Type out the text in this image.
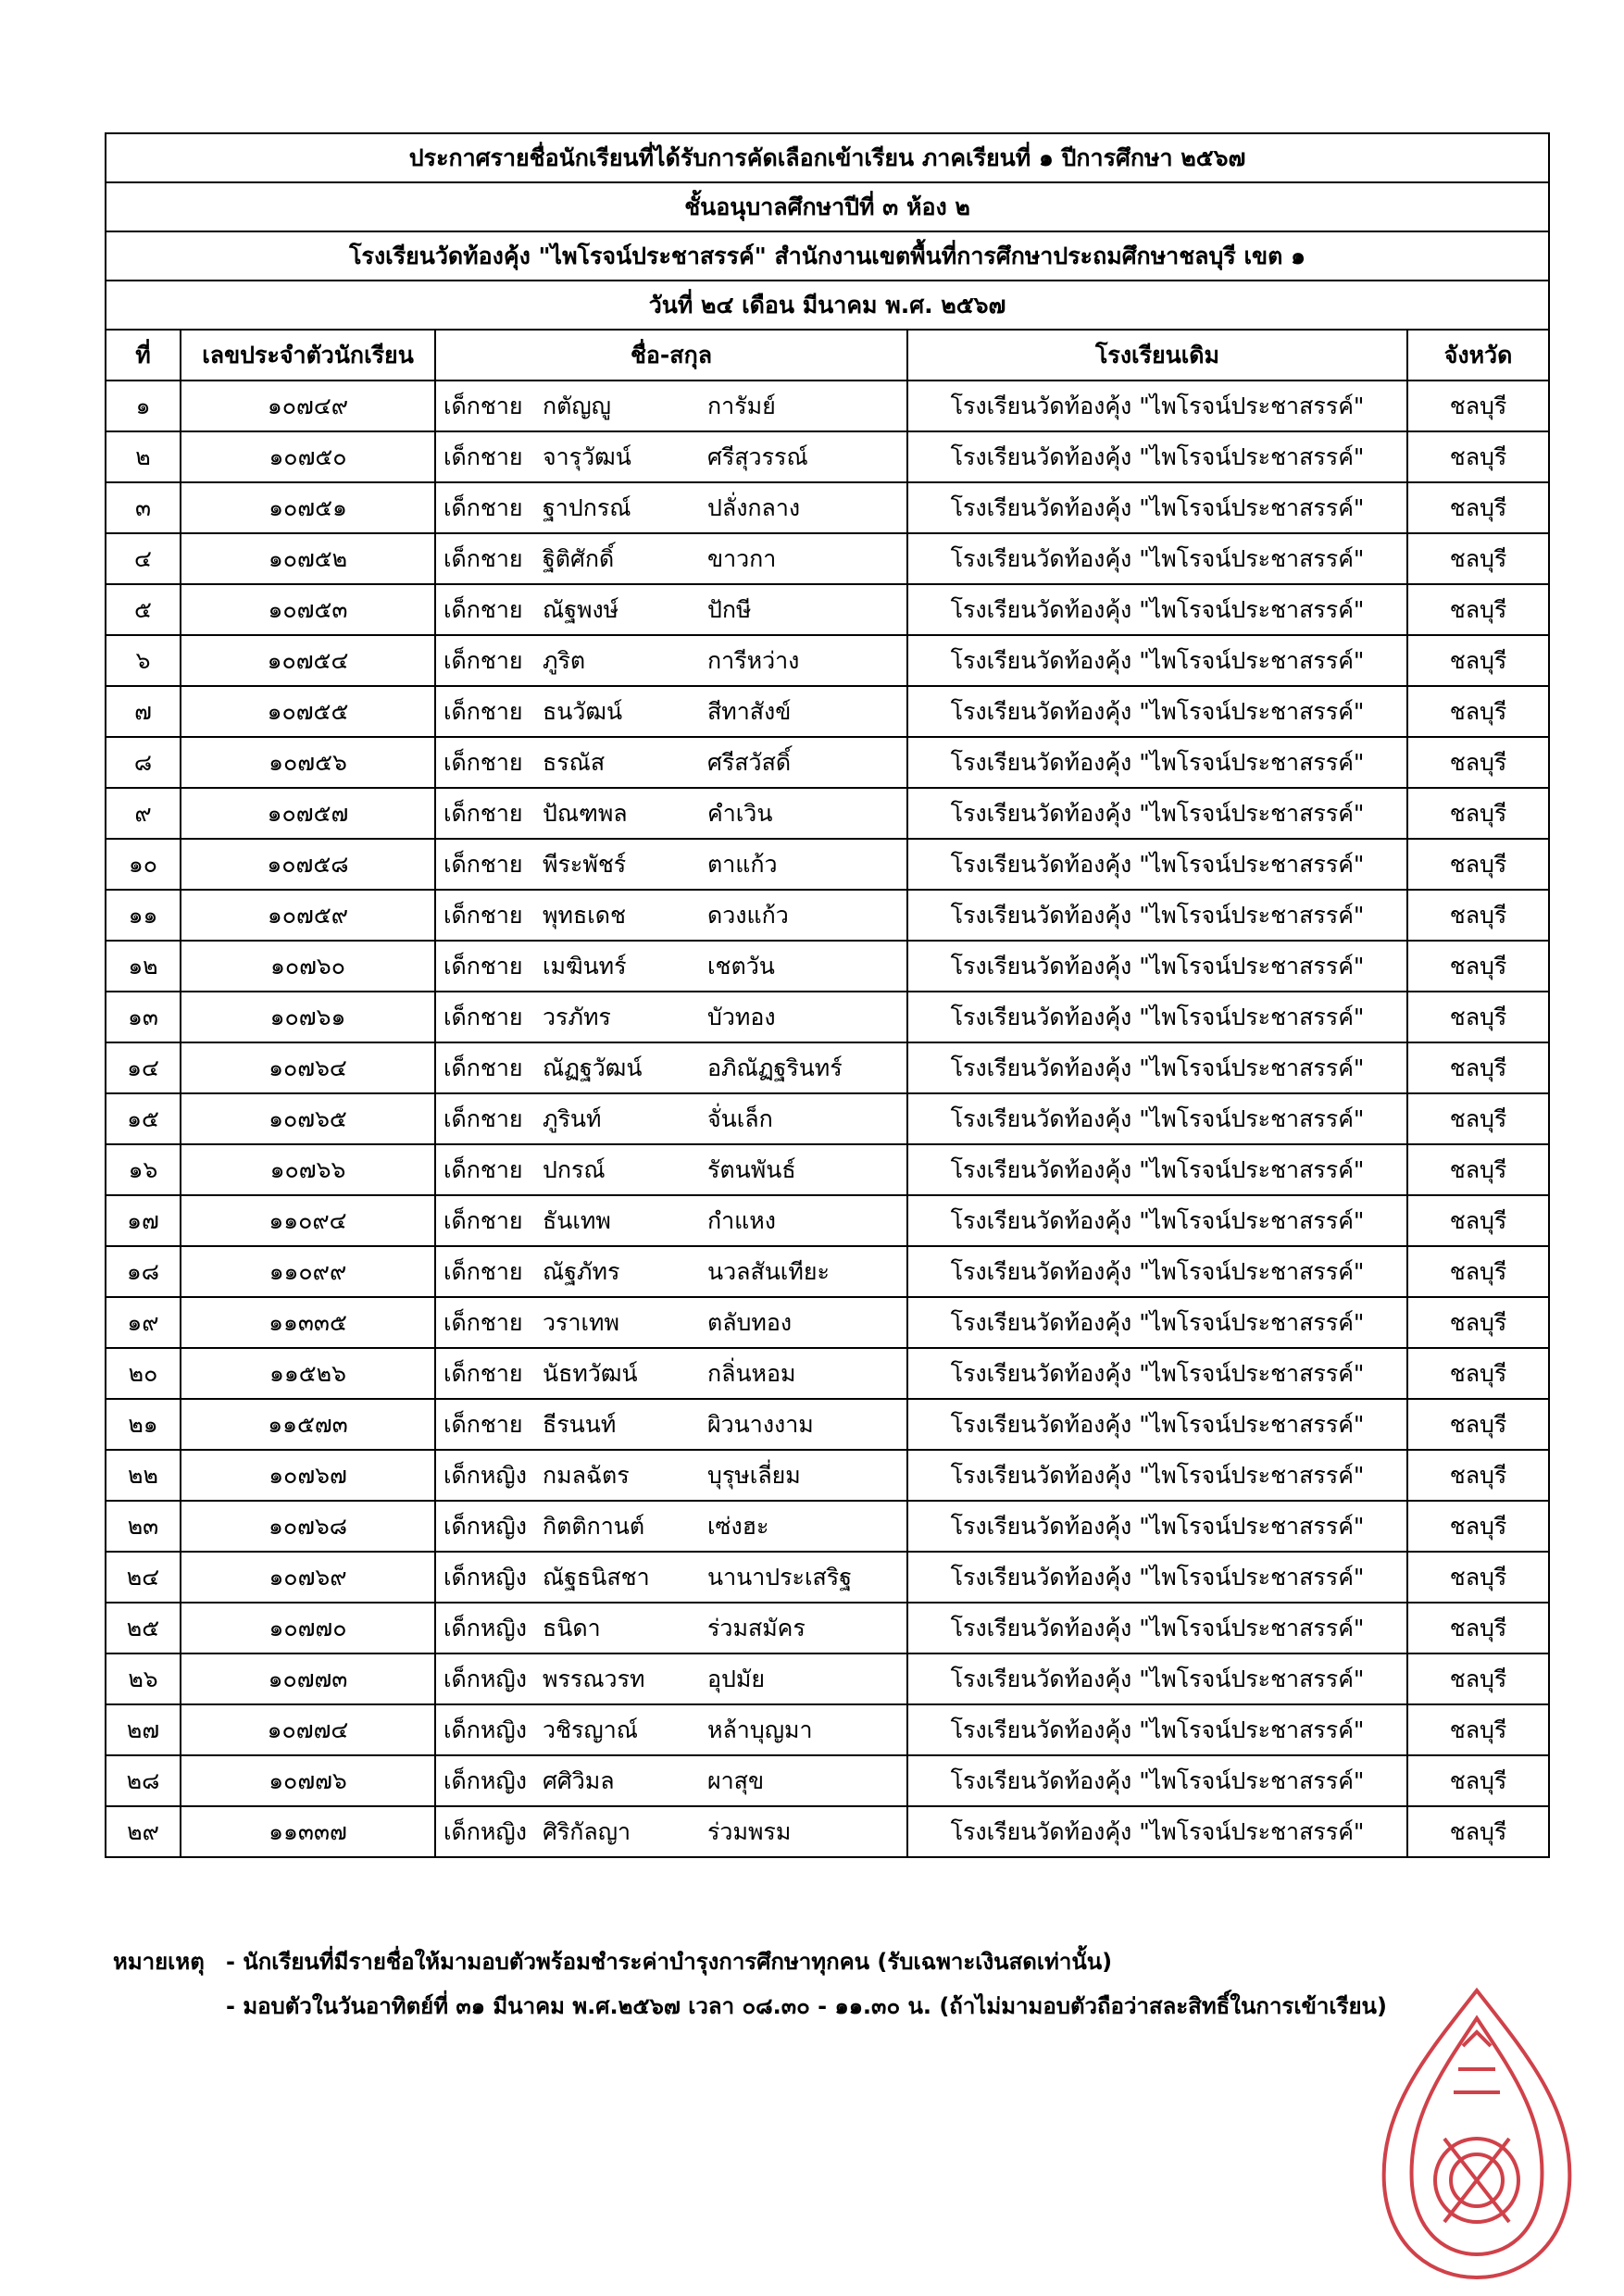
ประกาศรายชื่อนักเรียนที่ได้รับการคัดเลือกเข้าเรียน ภาคเรียนที่ ๑ ปีการศึกษา ๒๕๖๗				
ชั้นอนุบาลศึกษาปีที่ ๓ ห้อง ๒				
โรงเรียนวัดท้องคุ้ง "ไพโรจน์ประชาสรรค์" สำนักงานเขตพื้นที่การศึกษาประถมศึกษาชลบุรี เขต ๑				
วันที่ ๒๔ เดือน มีนาคม พ.ศ. ๒๕๖๗				
ที่	เลขประจำตัวนักเรียน	ชื่อ-สกุล	โรงเรียนเดิม	จังหวัด
๑	๑๐๗๔๙	เด็กชาย กตัญญู การัมย์	โรงเรียนวัดท้องคุ้ง "ไพโรจน์ประชาสรรค์"	ชลบุรี
๒	๑๐๗๕๐	เด็กชาย จารุวัฒน์ ศรีสุวรรณ์	โรงเรียนวัดท้องคุ้ง "ไพโรจน์ประชาสรรค์"	ชลบุรี
๓	๑๐๗๕๑	เด็กชาย ฐาปกรณ์ ปลั่งกลาง	โรงเรียนวัดท้องคุ้ง "ไพโรจน์ประชาสรรค์"	ชลบุรี
๔	๑๐๗๕๒	เด็กชาย ฐิติศักดิ์ ขาวกา	โรงเรียนวัดท้องคุ้ง "ไพโรจน์ประชาสรรค์"	ชลบุรี
๕	๑๐๗๕๓	เด็กชาย ณัฐพงษ์ ปักษี	โรงเรียนวัดท้องคุ้ง "ไพโรจน์ประชาสรรค์"	ชลบุรี
๖	๑๐๗๕๔	เด็กชาย ภูริต การีหว่าง	โรงเรียนวัดท้องคุ้ง "ไพโรจน์ประชาสรรค์"	ชลบุรี
๗	๑๐๗๕๕	เด็กชาย ธนวัฒน์ สีทาสังข์	โรงเรียนวัดท้องคุ้ง "ไพโรจน์ประชาสรรค์"	ชลบุรี
๘	๑๐๗๕๖	เด็กชาย ธรณัส ศรีสวัสดิ์	โรงเรียนวัดท้องคุ้ง "ไพโรจน์ประชาสรรค์"	ชลบุรี
๙	๑๐๗๕๗	เด็กชาย ปัณฑพล คำเวิน	โรงเรียนวัดท้องคุ้ง "ไพโรจน์ประชาสรรค์"	ชลบุรี
๑๐	๑๐๗๕๘	เด็กชาย พีระพัชร์ ตาแก้ว	โรงเรียนวัดท้องคุ้ง "ไพโรจน์ประชาสรรค์"	ชลบุรี
๑๑	๑๐๗๕๙	เด็กชาย พุทธเดช ดวงแก้ว	โรงเรียนวัดท้องคุ้ง "ไพโรจน์ประชาสรรค์"	ชลบุรี
๑๒	๑๐๗๖๐	เด็กชาย เมฆินทร์ เชตวัน	โรงเรียนวัดท้องคุ้ง "ไพโรจน์ประชาสรรค์"	ชลบุรี
๑๓	๑๐๗๖๑	เด็กชาย วรภัทร บัวทอง	โรงเรียนวัดท้องคุ้ง "ไพโรจน์ประชาสรรค์"	ชลบุรี
๑๔	๑๐๗๖๔	เด็กชาย ณัฏฐวัฒน์ อภิณัฏฐรินทร์	โรงเรียนวัดท้องคุ้ง "ไพโรจน์ประชาสรรค์"	ชลบุรี
๑๕	๑๐๗๖๕	เด็กชาย ภูรินท์ จั่นเล็ก	โรงเรียนวัดท้องคุ้ง "ไพโรจน์ประชาสรรค์"	ชลบุรี
๑๖	๑๐๗๖๖	เด็กชาย ปกรณ์ รัตนพันธ์	โรงเรียนวัดท้องคุ้ง "ไพโรจน์ประชาสรรค์"	ชลบุรี
๑๗	๑๑๐๙๔	เด็กชาย ธันเทพ กำแหง	โรงเรียนวัดท้องคุ้ง "ไพโรจน์ประชาสรรค์"	ชลบุรี
๑๘	๑๑๐๙๙	เด็กชาย ณัฐภัทร นวลสันเทียะ	โรงเรียนวัดท้องคุ้ง "ไพโรจน์ประชาสรรค์"	ชลบุรี
๑๙	๑๑๓๓๕	เด็กชาย วราเทพ ตลับทอง	โรงเรียนวัดท้องคุ้ง "ไพโรจน์ประชาสรรค์"	ชลบุรี
๒๐	๑๑๕๒๖	เด็กชาย นัธทวัฒน์ กลิ่นหอม	โรงเรียนวัดท้องคุ้ง "ไพโรจน์ประชาสรรค์"	ชลบุรี
๒๑	๑๑๕๗๓	เด็กชาย ธีรนนท์ ผิวนางงาม	โรงเรียนวัดท้องคุ้ง "ไพโรจน์ประชาสรรค์"	ชลบุรี
๒๒	๑๐๗๖๗	เด็กหญิง กมลฉัตร บุรุษเลี่ยม	โรงเรียนวัดท้องคุ้ง "ไพโรจน์ประชาสรรค์"	ชลบุรี
๒๓	๑๐๗๖๘	เด็กหญิง กิตติกานต์ เซ่งฮะ	โรงเรียนวัดท้องคุ้ง "ไพโรจน์ประชาสรรค์"	ชลบุรี
๒๔	๑๐๗๖๙	เด็กหญิง ณัฐธนิสชา นานาประเสริฐ	โรงเรียนวัดท้องคุ้ง "ไพโรจน์ประชาสรรค์"	ชลบุรี
๒๕	๑๐๗๗๐	เด็กหญิง ธนิดา ร่วมสมัคร	โรงเรียนวัดท้องคุ้ง "ไพโรจน์ประชาสรรค์"	ชลบุรี
๒๖	๑๐๗๗๓	เด็กหญิง พรรณวรท อุปมัย	โรงเรียนวัดท้องคุ้ง "ไพโรจน์ประชาสรรค์"	ชลบุรี
๒๗	๑๐๗๗๔	เด็กหญิง วชิรญาณ์ หล้าบุญมา	โรงเรียนวัดท้องคุ้ง "ไพโรจน์ประชาสรรค์"	ชลบุรี
๒๘	๑๐๗๗๖	เด็กหญิง ศศิวิมล ผาสุข	โรงเรียนวัดท้องคุ้ง "ไพโรจน์ประชาสรรค์"	ชลบุรี
๒๙	๑๑๓๓๗	เด็กหญิง ศิริกัลญา ร่วมพรม	โรงเรียนวัดท้องคุ้ง "ไพโรจน์ประชาสรรค์"	ชลบุรี
หมายเหตุ - นักเรียนที่มีรายชื่อให้มามอบตัวพร้อมชำระค่าบำรุงการศึกษาทุกคน (รับเฉพาะเงินสดเท่านั้น)
- มอบตัวในวันอาทิตย์ที่ ๓๑ มีนาคม พ.ศ.๒๕๖๗ เวลา ๐๘.๓๐ - ๑๑.๓๐ น. (ถ้าไม่มามอบตัวถือว่าสละสิทธิ์ในการเข้าเรียน)
